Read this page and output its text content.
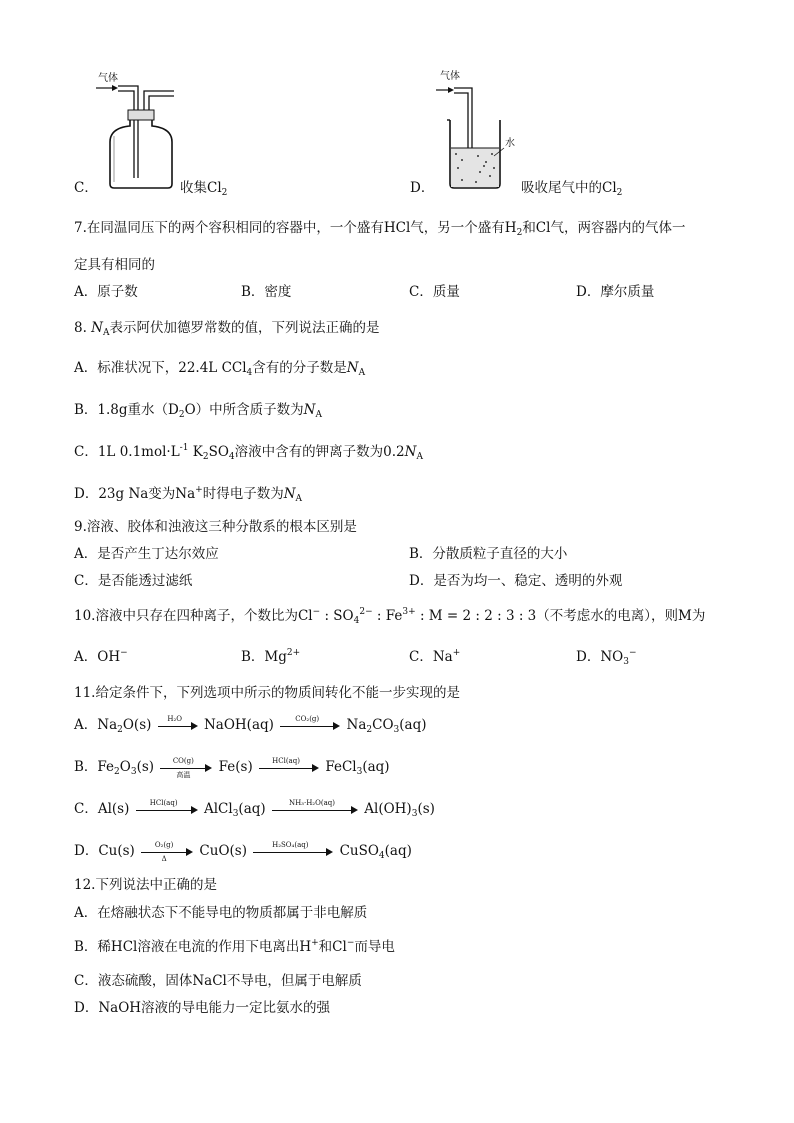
C．
气体
收集$Cl_2$	D．
气体
水
吸收尾气中的$Cl_2$
7.在同温同压下的两个容积相同的容器中，一个盛有HCl气，另一个盛有$H_2$和Cl气，两容器内的气体一
定具有相同的
A．原子数	B．密度	C．质量	D．摩尔质量
8. $N_A$表示阿伏加德罗常数的值，下列说法正确的是
A．标准状况下，22.4L CCl$_4$含有的分子数是$N_A$
B．1.8g重水$(D_2O)$中所含质子数为$N_A$
C．1L $0.1mol\cdot L^{-1}$ $K_2SO_4$溶液中含有的钾离子数为$0.2N_A$
D．23g Na变为Na+时得电子数为$N_A$
9.溶液、胶体和浊液这三种分散系的根本区别是
A．是否产生丁达尔效应	B．分散质粒子直径的大小
C．是否能透过滤纸	D．是否为均一、稳定、透明的外观
10.溶液中只存在四种离子，个数比为Cl− : $SO_4^{2-}$ : $Fe^{3+}$ : M = 2 : 2 : 3 : 3（不考虑水的电离），则M为
A．OH−	B．$Mg^{2+}$	C．Na+	D．$NO_3^-$
11.给定条件下，下列选项中所示的物质间转化不能一步实现的是
A．$Na_2O(s)$	H₂O	NaOH(aq)	CO₂(g)	$Na_2CO_3(aq)$
B．$Fe_2O_3(s)$	CO(g)
高温	Fe(s)	HCl(aq)	FeCl$_3$(aq)
C．Al(s)	HCl(aq)	AlCl$_3$(aq)	NH₃·H₂O(aq)	$Al(OH)_3(s)$
D．$Cu(s) \frac{\text{O₂(g)}}{\Delta} CuO(s)$	H₂SO₄(aq)	CuSO$_4$(aq)
12.下列说法中正确的是
A．在熔融状态下不能导电的物质都属于非电解质
B．稀HCl溶液在电流的作用下电离出H+和Cl−而导电
C．液态硫酸，固体NaCl不导电，但属于电解质
D．NaOH溶液的导电能力一定比氨水的强
